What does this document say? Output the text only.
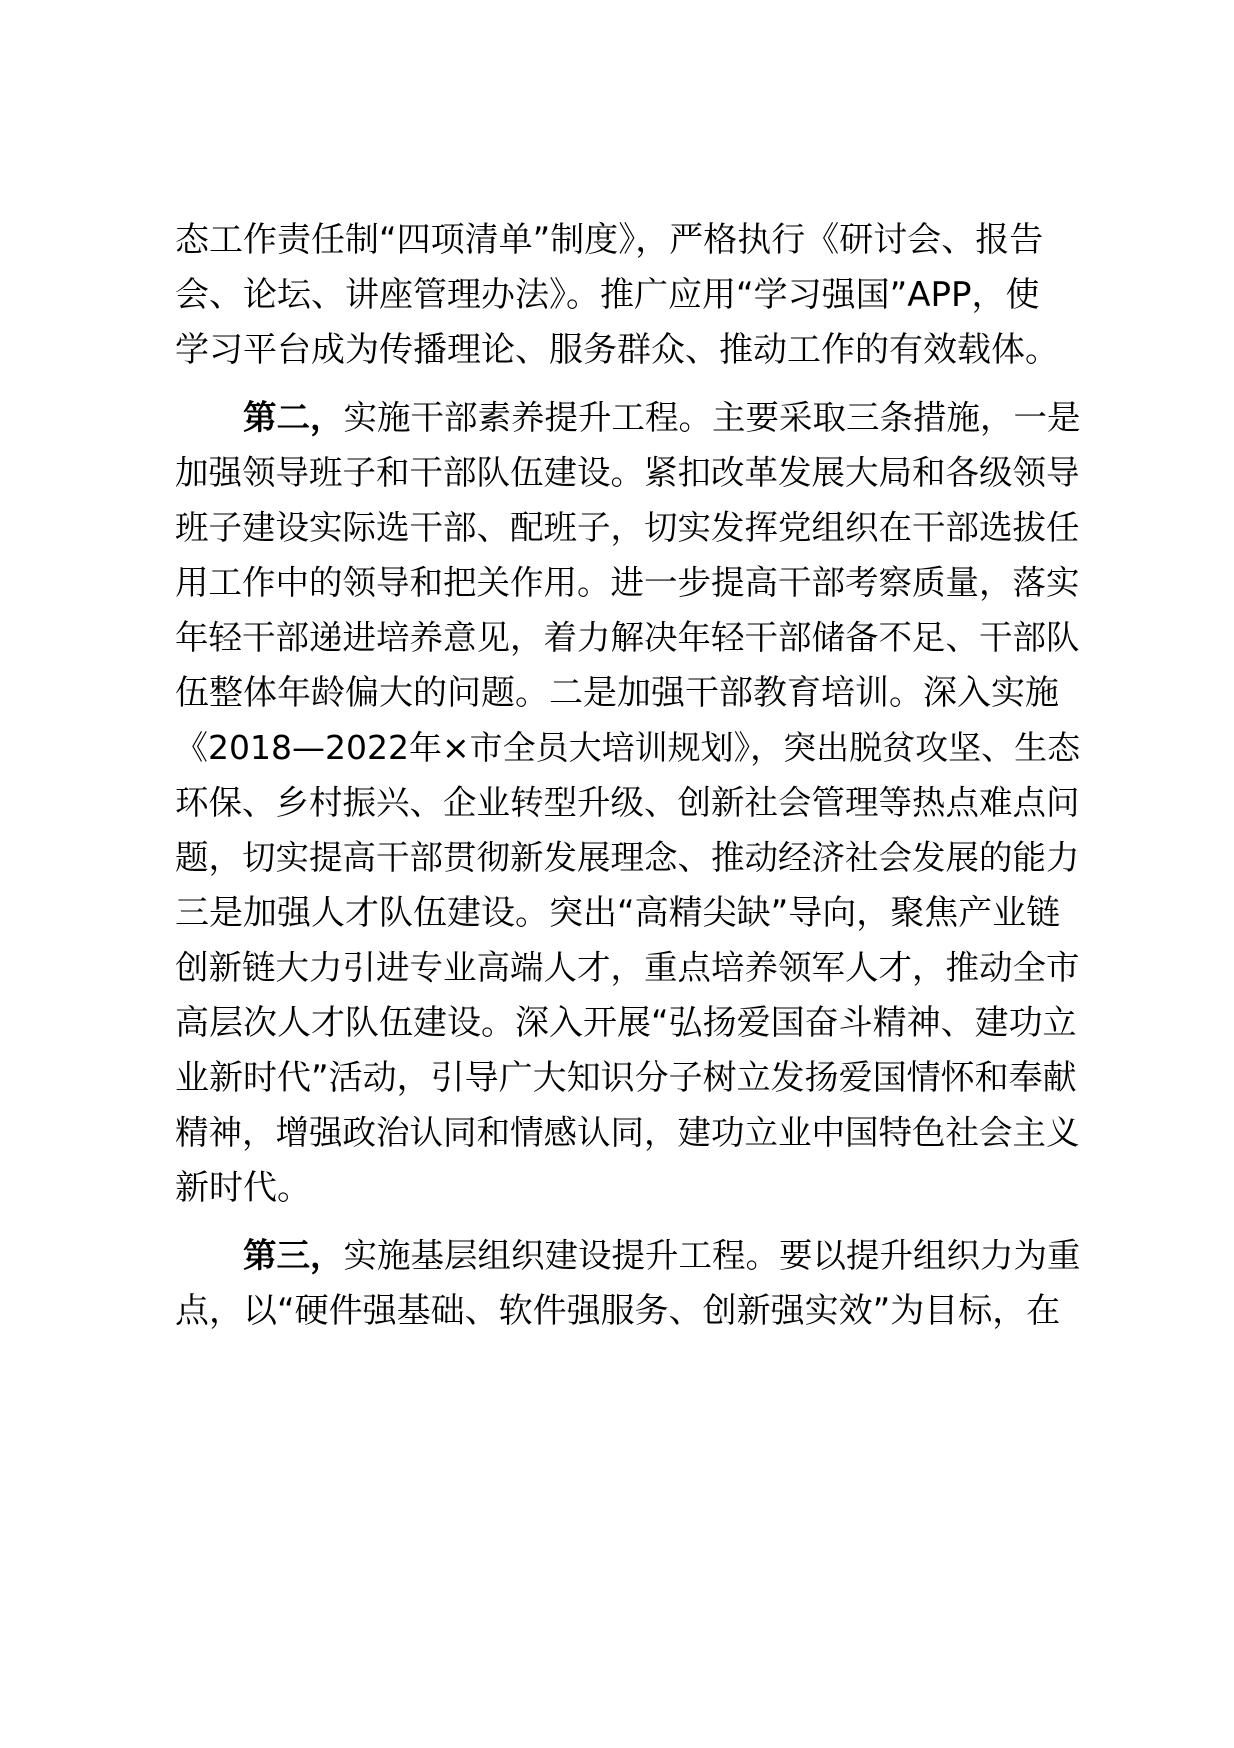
态工作责任制“四项清单”制度》，严格执行《研讨会、报告
会、论坛、讲座管理办法》。推广应用“学习强国”APP，使
学习平台成为传播理论、服务群众、推动工作的有效载体。
第二，实施干部素养提升工程。主要采取三条措施，一是
加强领导班子和干部队伍建设。紧扣改革发展大局和各级领导
班子建设实际选干部、配班子，切实发挥党组织在干部选拔任
用工作中的领导和把关作用。进一步提高干部考察质量，落实
年轻干部递进培养意见，着力解决年轻干部储备不足、干部队
伍整体年龄偏大的问题。二是加强干部教育培训。深入实施
《2018—2022年×市全员大培训规划》，突出脱贫攻坚、生态
环保、乡村振兴、企业转型升级、创新社会管理等热点难点问
题，切实提高干部贯彻新发展理念、推动经济社会发展的能力
三是加强人才队伍建设。突出“高精尖缺”导向，聚焦产业链
创新链大力引进专业高端人才，重点培养领军人才，推动全市
高层次人才队伍建设。深入开展“弘扬爱国奋斗精神、建功立
业新时代”活动，引导广大知识分子树立发扬爱国情怀和奉献
精神，增强政治认同和情感认同，建功立业中国特色社会主义
新时代。
第三，实施基层组织建设提升工程。要以提升组织力为重
点，以“硬件强基础、软件强服务、创新强实效”为目标，在
